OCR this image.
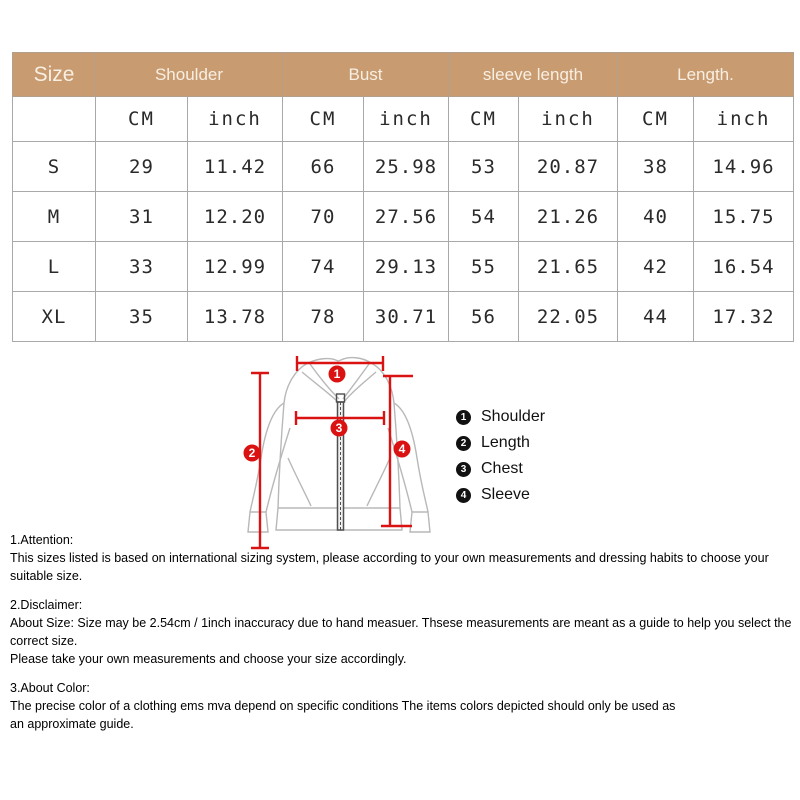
Size	Shoulder		Bust		sleeve length		Length.	
	CM	inch	CM	inch	CM	inch	CM	inch
S	29	11.42	66	25.98	53	20.87	38	14.96
M	31	12.20	70	27.56	54	21.26	40	15.75
L	33	12.99	74	29.13	55	21.65	42	16.54
XL	35	13.78	78	30.71	56	22.05	44	17.32
1
2
3
4
1 Shoulder
2 Length
3 Chest
4 Sleeve
1.Attention:
This sizes listed is based on international sizing system, please according to your own measurements and dressing habits to choose your suitable size.
2.Disclaimer:
About Size: Size may be 2.54cm / 1inch inaccuracy due to hand measuer. Thsese measurements are meant as a guide to help you select the correct size.
Please take your own measurements and choose your size accordingly.
3.About Color:
The precise color of a clothing ems mva depend on specific conditions The items colors depicted should only be used as
an approximate guide.
